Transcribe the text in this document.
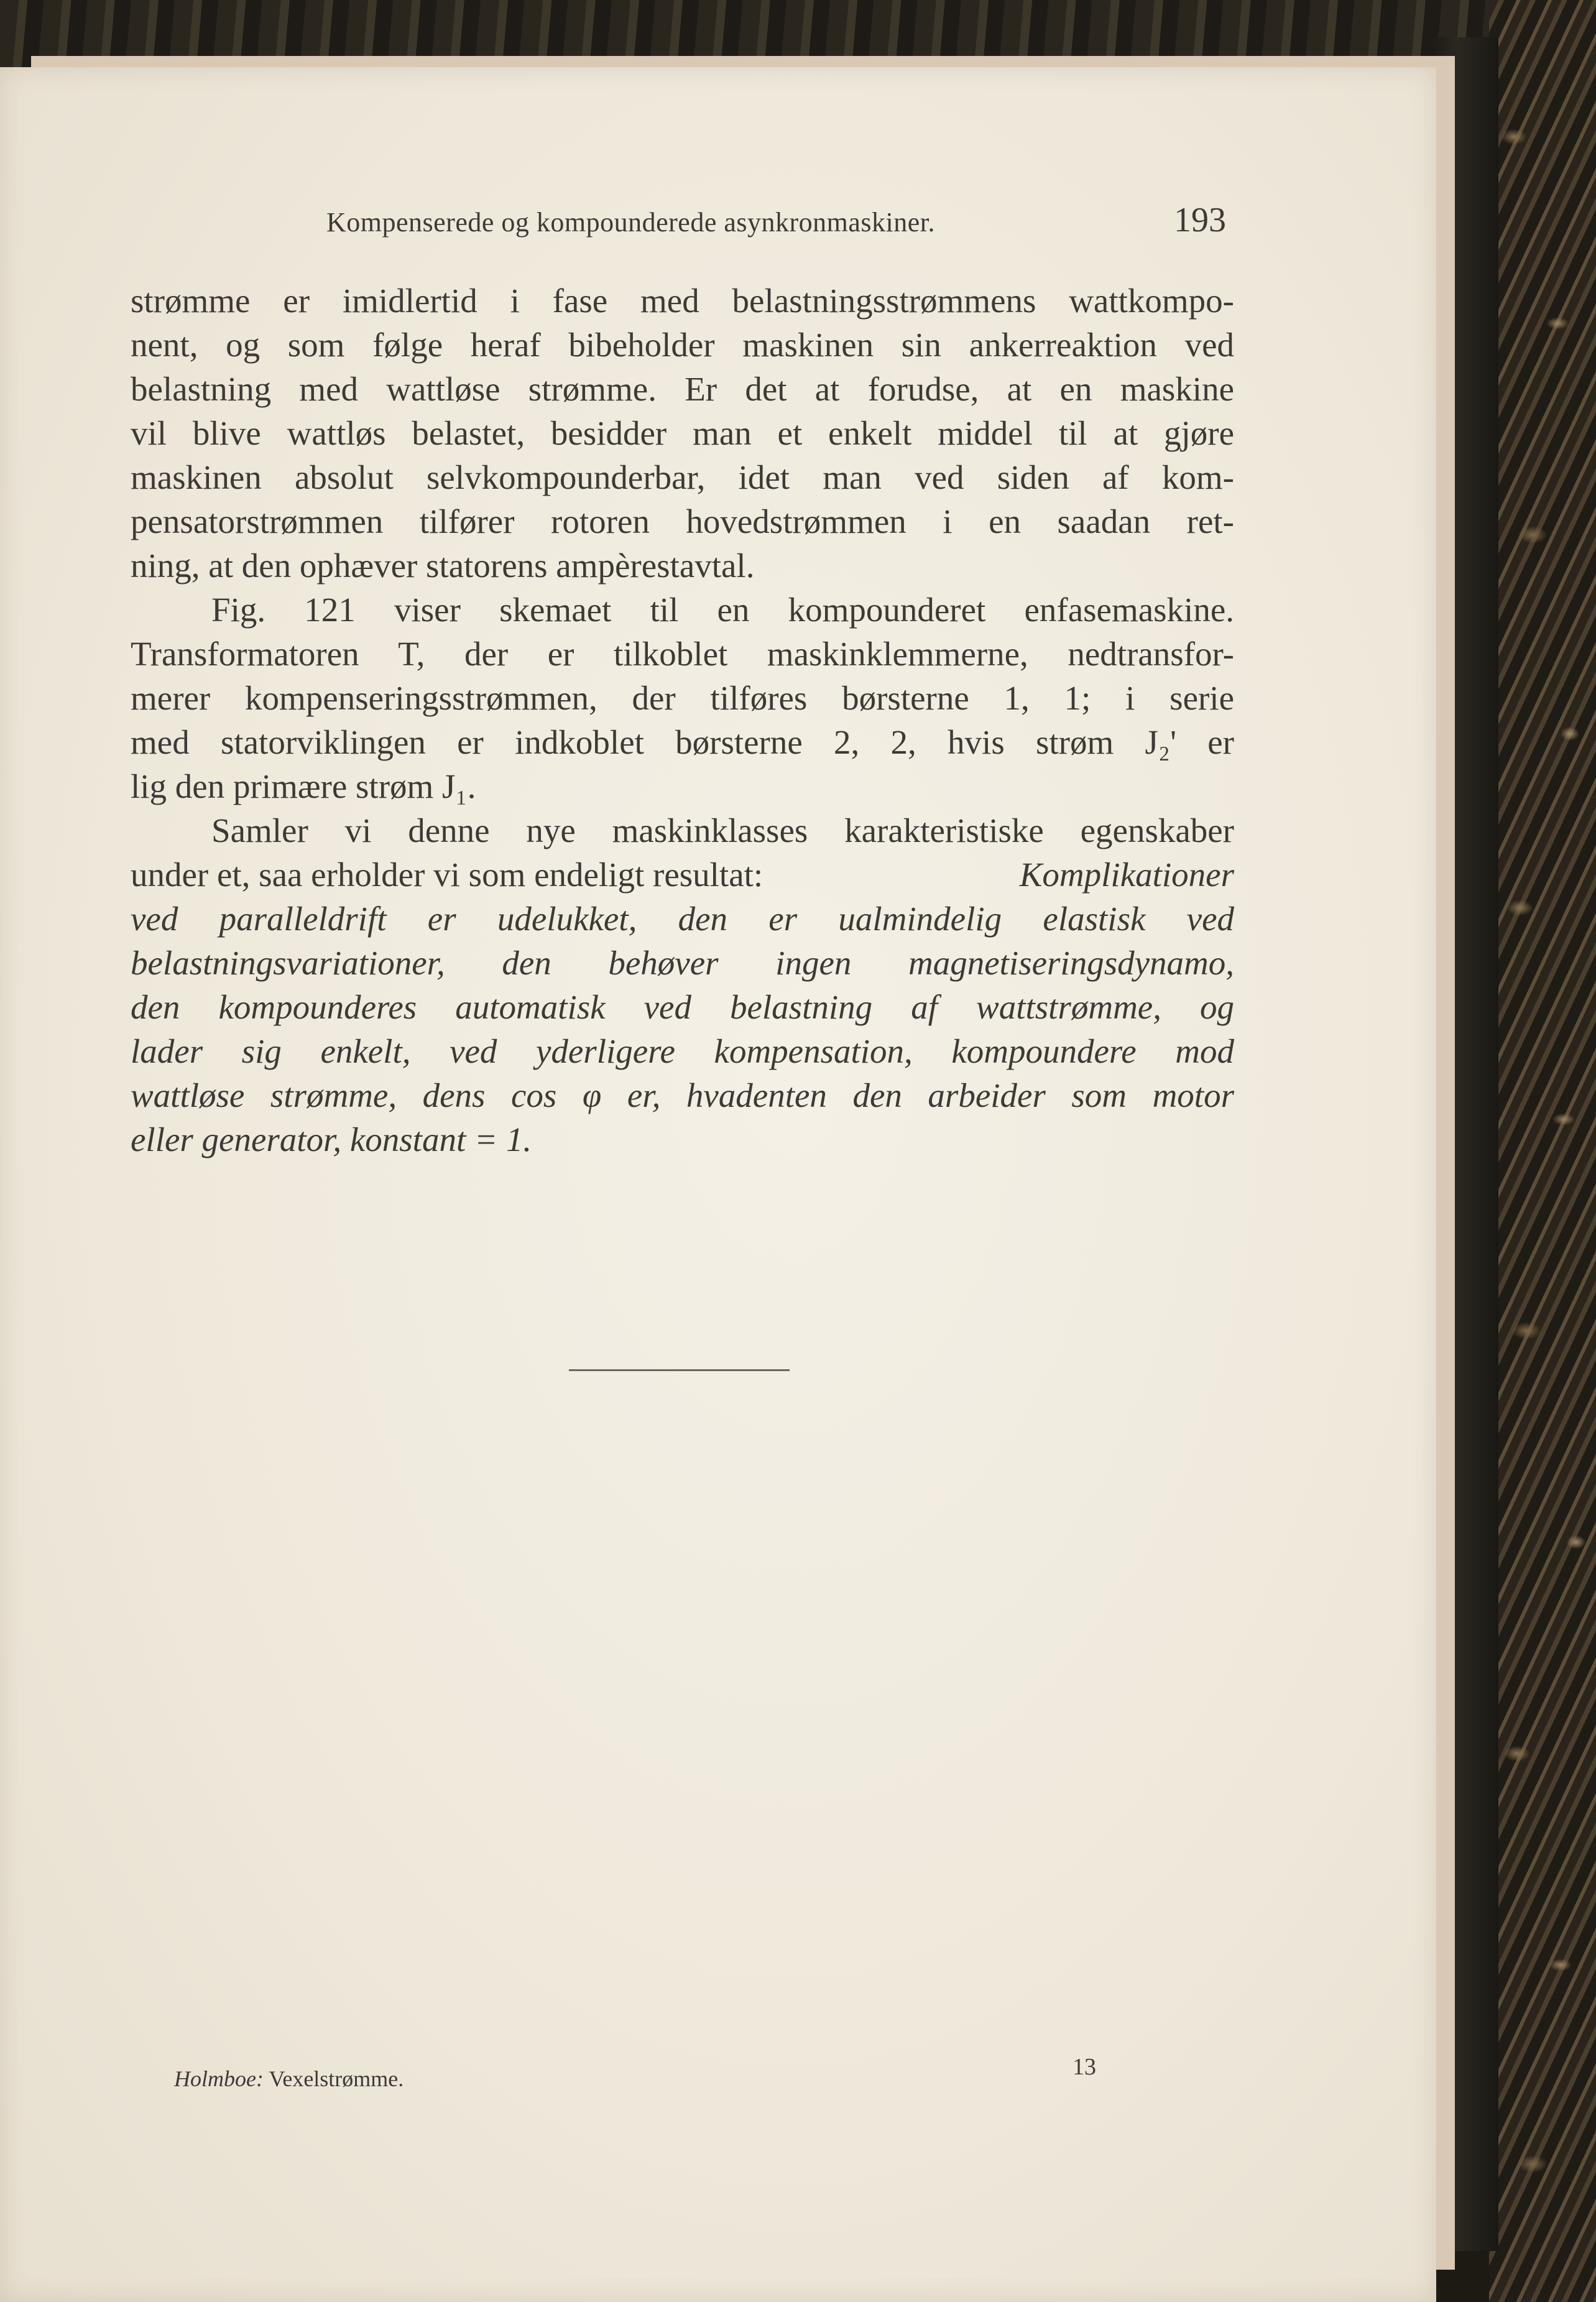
Kompenserede og kompounderede asynkronmaskiner.	193
strømme er imidlertid i fase med belastningsstrømmens wattkompo-
nent, og som følge heraf bibeholder maskinen sin ankerreaktion ved
belastning med wattløse strømme. Er det at forudse, at en maskine
vil blive wattløs belastet, besidder man et enkelt middel til at gjøre
maskinen absolut selvkompounderbar, idet man ved siden af kom-
pensatorstrømmen tilfører rotoren hovedstrømmen i en saadan ret-
ning, at den ophæver statorens ampèrestavtal.
Fig. 121 viser skemaet til en kompounderet enfasemaskine.
Transformatoren T, der er tilkoblet maskinklemmerne, nedtransfor-
merer kompenseringsstrømmen, der tilføres børsterne 1, 1; i serie
med statorviklingen er indkoblet børsterne 2, 2, hvis strøm J₂' er
lig den primære strøm J₁.
Samler vi denne nye maskinklasses karakteristiske egenskaber
under et, saa erholder vi som endeligt resultat:	Komplikationer
ved paralleldrift er udelukket, den er ualmindelig elastisk ved
belastningsvariationer, den behøver ingen magnetiseringsdynamo,
den kompounderes automatisk ved belastning af wattstrømme, og
lader sig enkelt, ved yderligere kompensation, kompoundere mod
wattløse strømme, dens cos φ er, hvadenten den arbeider som motor
eller generator, konstant = 1.
Holmboe: Vexelstrømme.	13
